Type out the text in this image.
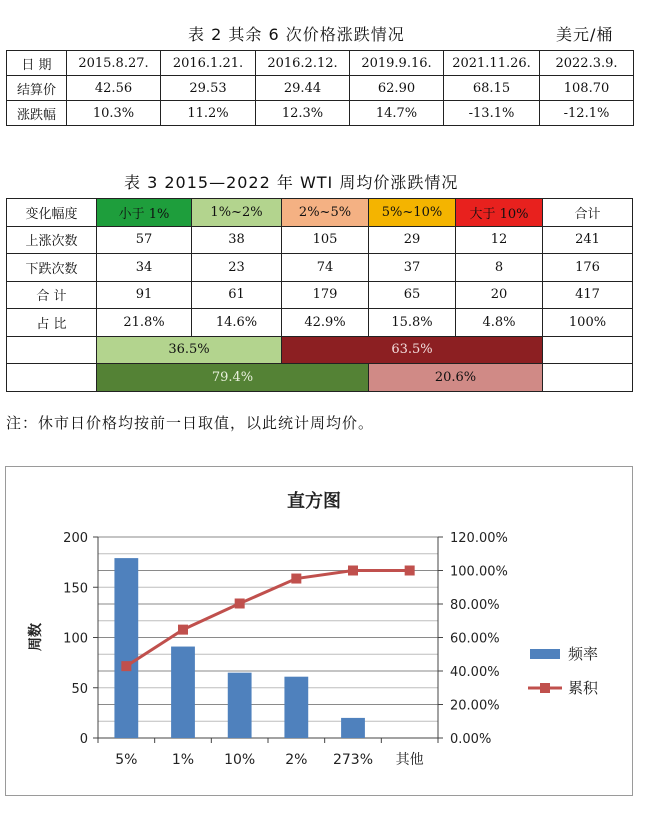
表 2 其余 6 次价格涨跌情况	美元/桶
日 期	2015.8.27.	2016.1.21.	2016.2.12.	2019.9.16.	2021.11.26.	2022.3.9.
结算价	42.56	29.53	29.44	62.90	68.15	108.70
涨跌幅	10.3%	11.2%	12.3%	14.7%	-13.1%	-12.1%
表 3 2015—2022 年 WTI 周均价涨跌情况
变化幅度	小于 1%	1%~2%	2%~5%	5%~10%	大于 10%	合计
上涨次数	57	38	105	29	12	241
下跌次数	34	23	74	37	8	176
合 计	91	61	179	65	20	417
占 比	21.8%	14.6%	42.9%	15.8%	4.8%	100%
	36.5%		63.5%			
	79.4%			20.6%		
注：休市日价格均按前一日取值，以此统计周均价。
直方图
0.00%
20.00%
40.00%
60.00%
80.00%
100.00%
120.00%
0
50
100
150
200
周数
5% 1% 10% 2% 273% 其他
频率
累积
